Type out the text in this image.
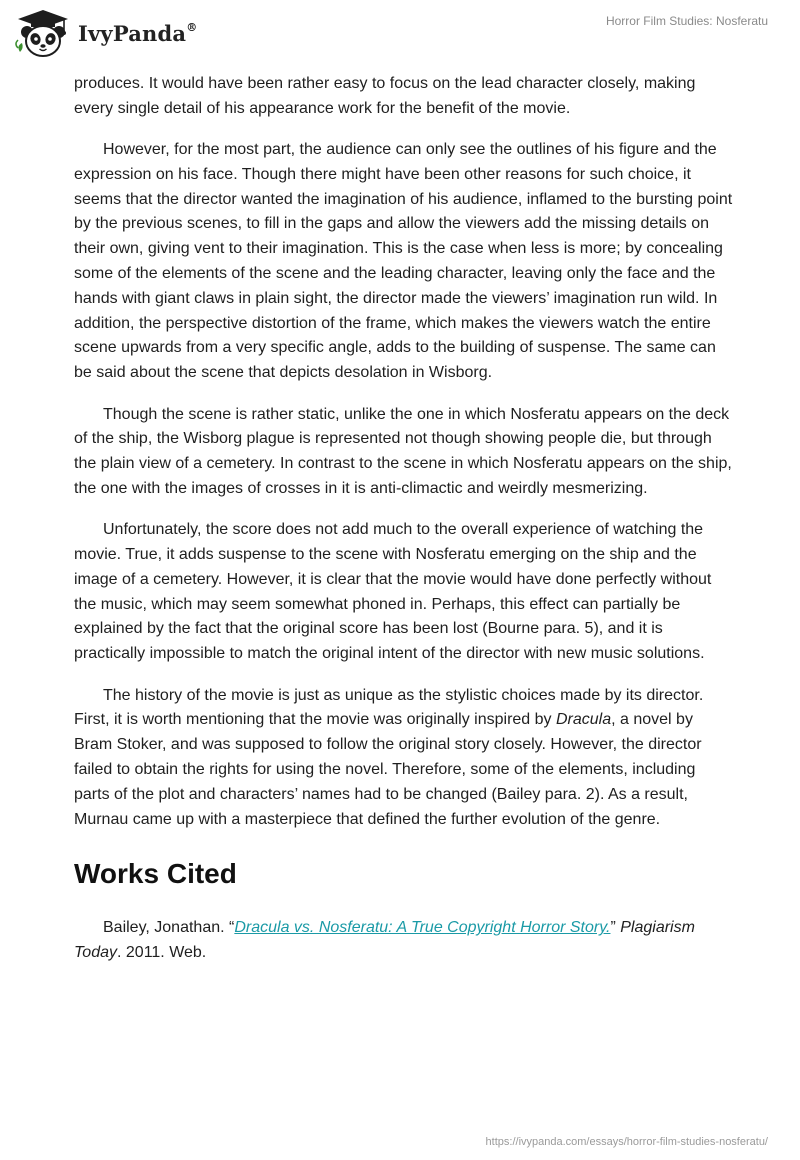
IvyPanda®	Horror Film Studies: Nosferatu

produces. It would have been rather easy to focus on the lead character closely, making every single detail of his appearance work for the benefit of the movie.

However, for the most part, the audience can only see the outlines of his figure and the expression on his face. Though there might have been other reasons for such choice, it seems that the director wanted the imagination of his audience, inflamed to the bursting point by the previous scenes, to fill in the gaps and allow the viewers add the missing details on their own, giving vent to their imagination. This is the case when less is more; by concealing some of the elements of the scene and the leading character, leaving only the face and the hands with giant claws in plain sight, the director made the viewers’ imagination run wild. In addition, the perspective distortion of the frame, which makes the viewers watch the entire scene upwards from a very specific angle, adds to the building of suspense. The same can be said about the scene that depicts desolation in Wisborg.

Though the scene is rather static, unlike the one in which Nosferatu appears on the deck of the ship, the Wisborg plague is represented not though showing people die, but through the plain view of a cemetery. In contrast to the scene in which Nosferatu appears on the ship, the one with the images of crosses in it is anti-climactic and weirdly mesmerizing.

Unfortunately, the score does not add much to the overall experience of watching the movie. True, it adds suspense to the scene with Nosferatu emerging on the ship and the image of a cemetery. However, it is clear that the movie would have done perfectly without the music, which may seem somewhat phoned in. Perhaps, this effect can partially be explained by the fact that the original score has been lost (Bourne para. 5), and it is practically impossible to match the original intent of the director with new music solutions.

The history of the movie is just as unique as the stylistic choices made by its director. First, it is worth mentioning that the movie was originally inspired by Dracula, a novel by Bram Stoker, and was supposed to follow the original story closely. However, the director failed to obtain the rights for using the novel. Therefore, some of the elements, including parts of the plot and characters’ names had to be changed (Bailey para. 2). As a result, Murnau came up with a masterpiece that defined the further evolution of the genre.

Works Cited

Bailey, Jonathan. “Dracula vs. Nosferatu: A True Copyright Horror Story.” Plagiarism Today. 2011. Web.

https://ivypanda.com/essays/horror-film-studies-nosferatu/
